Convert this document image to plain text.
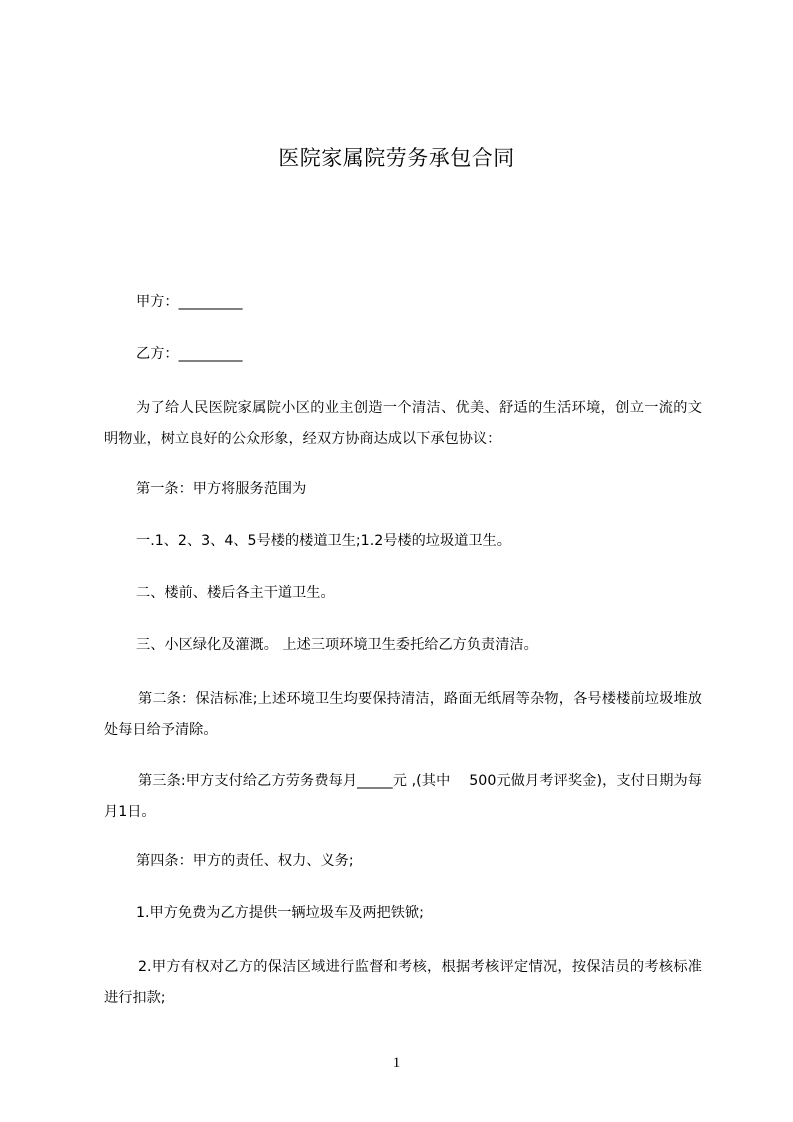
医院家属院劳务承包合同
甲方：_________
乙方：_________
为了给人民医院家属院小区的业主创造一个清洁、优美、舒适的生活环境，创立一流的文明物业，树立良好的公众形象，经双方协商达成以下承包协议：
第一条：甲方将服务范围为
一.1、2、3、4、5号楼的楼道卫生;1.2号楼的垃圾道卫生。
二、楼前、楼后各主干道卫生。
三、小区绿化及灌溉。 上述三项环境卫生委托给乙方负责清洁。
第二条：保洁标准;上述环境卫生均要保持清洁，路面无纸屑等杂物，各号楼楼前垃圾堆放处每日给予清除。
第三条:甲方支付给乙方劳务费每月_____元 ,(其中　 500元做月考评奖金)，支付日期为每月1日。
第四条：甲方的责任、权力、义务;
1.甲方免费为乙方提供一辆垃圾车及两把铁锨;
2.甲方有权对乙方的保洁区域进行监督和考核，根据考核评定情况，按保洁员的考核标准进行扣款;
1
